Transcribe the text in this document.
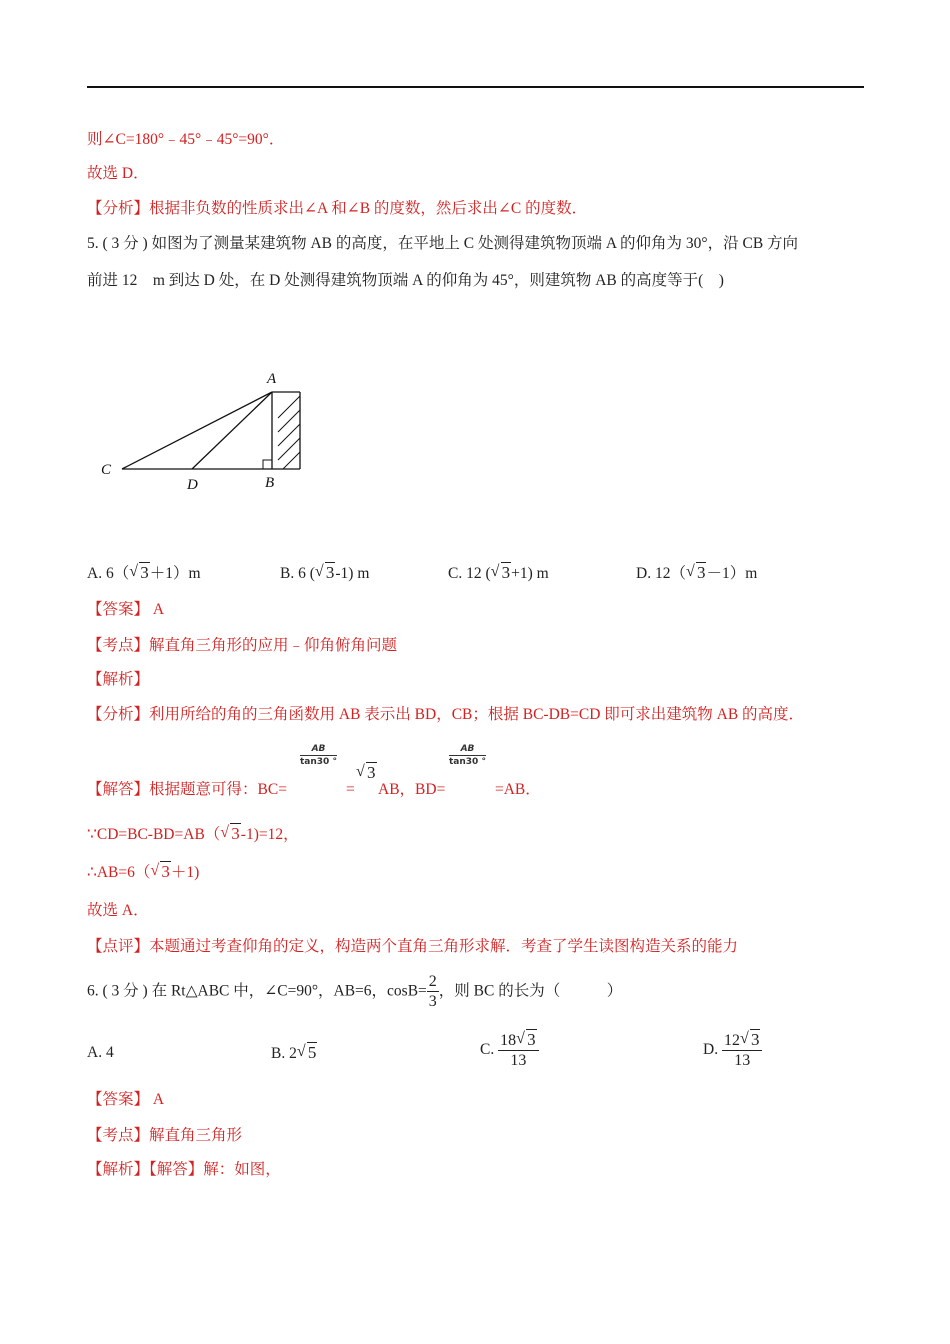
则∠C=180°﹣45°﹣45°=90°．
故选 D．
【分析】根据非负数的性质求出∠A 和∠B 的度数，然后求出∠C 的度数．
5. ( 3 分 ) 如图为了测量某建筑物 AB 的高度，在平地上 C 处测得建筑物顶端 A 的仰角为 30°，沿 CB 方向
前进 12　m 到达 D 处，在 D 处测得建筑物顶端 A 的仰角为 45°，则建筑物 AB 的高度等于(　)
A
C
D	B
A. 6（ √ 3＋1）m	B. 6 ( √ 3-1) m	C. 12 ( √ 3+1) m	D. 12（ √ 3－1）m
【答案】 A
【考点】解直角三角形的应用﹣仰角俯角问题
【解析】
【分析】利用所给的角的三角函数用 AB 表示出 BD，CB；根据 BC-DB=CD 即可求出建筑物 AB 的高度．
AB
tan30 °
AB
tan30 °
√ 3
【解答】根据题意可得：BC=	= AB，BD=	=AB．
∵CD=BC-BD=AB（ √ 3-1)=12，
∴AB=6（ √ 3＋1)
故选 A．
【点评】本题通过考查仰角的定义，构造两个直角三角形求解．考查了学生读图构造关系的能力
6. ( 3 分 ) 在 Rt△ABC 中，∠C=90°，AB=6，$\cos B= \frac{2}{3}$ ，则 BC 的长为（　　　）
A. 4	B. 2 √ 5	C. $\frac{18 √ 3}{13}$	D. $\frac{12 √ 3}{13}$
【答案】 A
【考点】解直角三角形
【解析】【解答】解：如图，
